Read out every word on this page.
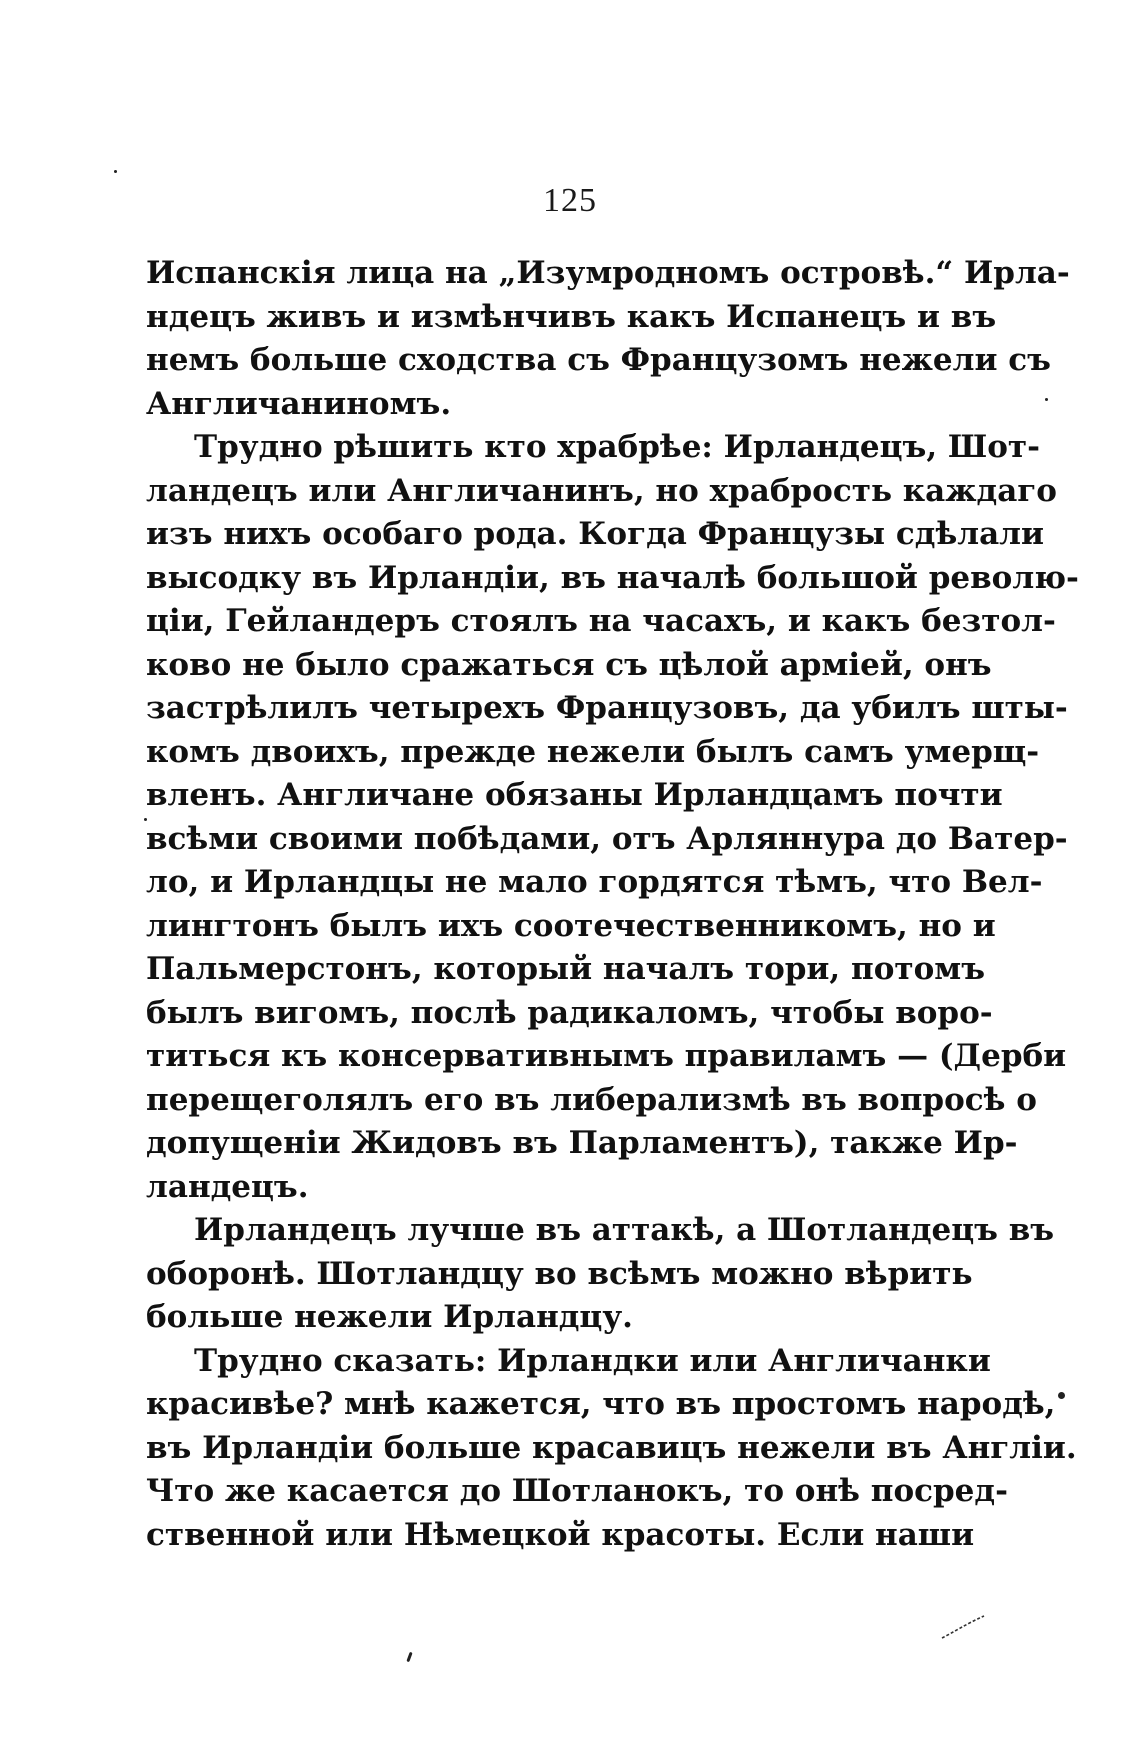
125
Испанскія лица на „Изумродномъ островѣ.“ Ирла-
ндецъ живъ и измѣнчивъ какъ Испанецъ и въ
немъ больше сходства съ Французомъ нежели съ
Англичаниномъ.
Трудно рѣшить кто храбрѣе: Ирландецъ, Шот-
ландецъ или Англичанинъ, но храбрость каждаго
изъ нихъ особаго рода. Когда Французы сдѣлали
высодку въ Ирландіи, въ началѣ большой револю-
ціи, Гейландеръ стоялъ на часахъ, и какъ безтол-
ково не было сражаться съ цѣлой арміей, онъ
застрѣлилъ четырехъ Французовъ, да убилъ шты-
комъ двоихъ, прежде нежели былъ самъ умерщ-
вленъ. Англичане обязаны Ирландцамъ почти
всѣми своими побѣдами, отъ Арляннура до Ватер-
ло, и Ирландцы не мало гордятся тѣмъ, что Вел-
лингтонъ былъ ихъ соотечественникомъ, но и
Пальмерстонъ, который началъ тори, потомъ
былъ вигомъ, послѣ радикаломъ, чтобы воро-
титься къ консервативнымъ правиламъ — (Дерби
перещеголялъ его въ либерализмѣ въ вопросѣ о
допущеніи Жидовъ въ Парламентъ), также Ир-
ландецъ.
Ирландецъ лучше въ аттакѣ, а Шотландецъ въ
оборонѣ. Шотландцу во всѣмъ можно вѣрить
больше нежели Ирландцу.
Трудно сказать: Ирландки или Англичанки
красивѣе? мнѣ кажется, что въ простомъ народѣ,
въ Ирландіи больше красавицъ нежели въ Англіи.
Что же касается до Шотланокъ, то онѣ посред-
ственной или Нѣмецкой красоты. Если наши
